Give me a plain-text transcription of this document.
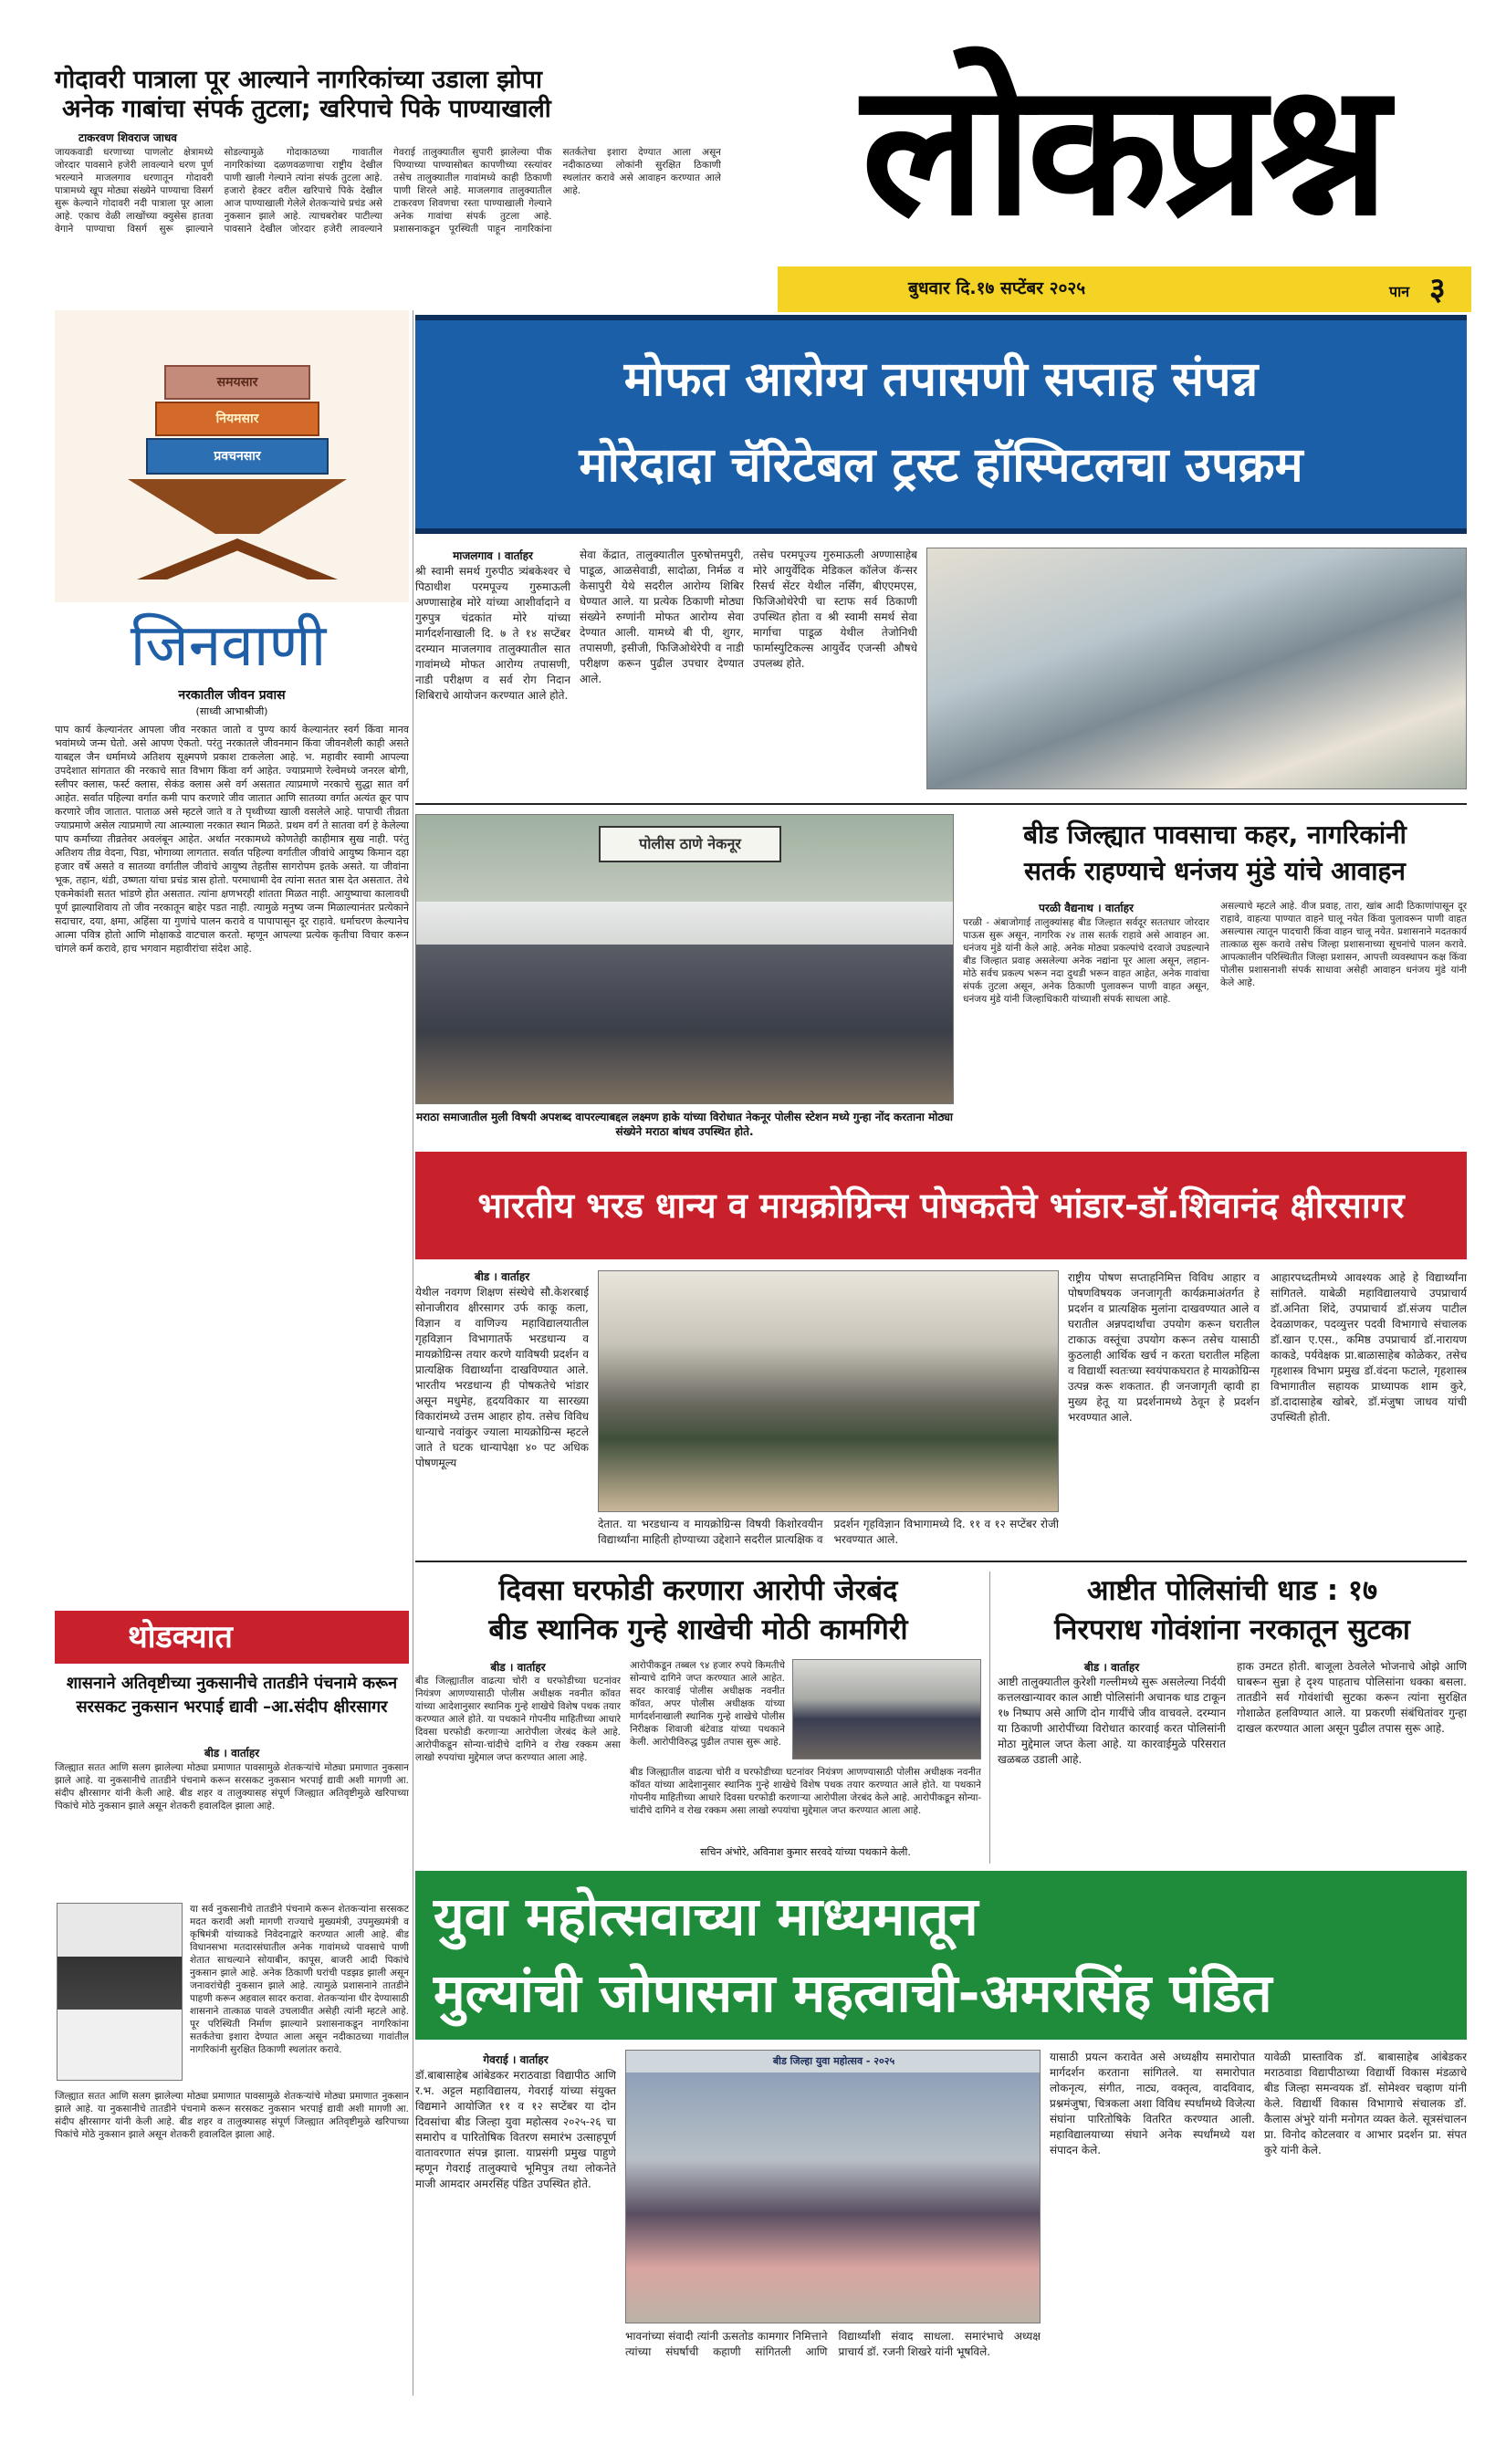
गोदावरी पात्राला पूर आल्याने नागरिकांच्या उडाला झोपा
अनेक गाबांचा संपर्क तुटला; खरिपाचे पिके पाण्याखाली
टाकरवण शिवराज जाधव
जायकवाडी धरणाच्या पाणलोट क्षेत्रामध्ये जोरदार पावसाने हजेरी लावल्याने धरण पूर्ण भरल्याने माजलगाव धरणातून गोदावरी पात्रामध्ये खूप मोठ्या संख्येने पाण्याचा विसर्ग सुरू केल्याने गोदावरी नदी पात्राला पूर आला आहे. एकाच वेळी लाखोंच्या क्युसेस हातवा वेगाने पाण्याचा विसर्ग सुरू झाल्याने सोडल्यामुळे गोदाकाठच्या गावातील नागरिकांच्या दळणवळणाचा राष्ट्रीय देखील पाणी खाली गेल्याने त्यांना संपर्क तुटला आहे. हजारो हेक्टर वरील खरिपाचे पिके देखील आज पाण्याखाली गेलेले शेतकऱ्यांचे प्रचंड असे नुकसान झाले आहे. त्याचबरोबर पाटील्या पावसाने देखील जोरदार हजेरी लावल्याने गेवराई तालुक्यातील सुपारी झालेल्या पीक पिण्याच्या पाण्यासोबत कापणीच्या रस्त्यांवर तसेच तालुक्यातील गावांमध्ये काही ठिकाणी पाणी शिरले आहे. माजलगाव तालुक्यातील टाकरवण शिवणचा रस्ता पाण्याखाली गेल्याने अनेक गावांचा संपर्क तुटला आहे. प्रशासनाकडून पूरस्थिती पाहून नागरिकांना सतर्कतेचा इशारा देण्यात आला असून नदीकाठच्या लोकांनी सुरक्षित ठिकाणी स्थलांतर करावे असे आवाहन करण्यात आले आहे.	लोकप्रश्न
बुधवार दि.१७ सप्टेंबर २०२५	पान ३
समयसार
नियमसार
प्रवचनसार
जिनवाणी
नरकातील जीवन प्रवास
(साध्वी आभाश्रीजी)
पाप कार्य केल्यानंतर आपला जीव नरकात जातो व पुण्य कार्य केल्यानंतर स्वर्ग किंवा मानव भवांमध्ये जन्म घेतो. असे आपण ऐकतो. परंतु नरकातले जीवनमान किंवा जीवनशैली काही असते याबद्दल जैन धर्मामध्ये अतिशय सूक्ष्मपणे प्रकाश टाकलेला आहे. भ. महावीर स्वामी आपल्या उपदेशात सांगतात की नरकाचे सात विभाग किंवा वर्ग आहेत. ज्याप्रमाणे रेल्वेमध्ये जनरल बोगी, स्लीपर क्लास, फर्स्ट क्लास, सेकंड क्लास असे वर्ग असतात त्याप्रमाणे नरकाचे सुद्धा सात वर्ग आहेत. सर्वात पहिल्या वर्गात कमी पाप करणारे जीव जातात आणि सातव्या वर्गात अत्यंत क्रूर पाप करणारे जीव जातात. पाताळ असे म्हटले जाते व ते पृथ्वीच्या खाली वसलेले आहे. पापाची तीव्रता ज्याप्रमाणे असेल त्याप्रमाणे त्या आत्म्याला नरकात स्थान मिळते. प्रथम वर्ग ते सातवा वर्ग हे केलेल्या पाप कर्मांच्या तीव्रतेवर अवलंबून आहेत. अर्थात नरकामध्ये कोणतेही काहीमात्र सुख नाही. परंतु अतिशय तीव्र वेदना, पिडा, भोगाव्या लागतात. सर्वात पहिल्या वर्गातील जीवांचे आयुष्य किमान दहा हजार वर्षे असते व सातव्या वर्गातील जीवांचे आयुष्य तेहतीस सागरोपम इतके असते. या जीवांना भूक, तहान, थंडी, उष्णता यांचा प्रचंड त्रास होतो. परमाधामी देव त्यांना सतत त्रास देत असतात. तेथे एकमेकांशी सतत भांडणे होत असतात. त्यांना क्षणभरही शांतता मिळत नाही. आयुष्याचा कालावधी पूर्ण झाल्याशिवाय तो जीव नरकातून बाहेर पडत नाही. त्यामुळे मनुष्य जन्म मिळाल्यानंतर प्रत्येकाने सदाचार, दया, क्षमा, अहिंसा या गुणांचे पालन करावे व पापापासून दूर राहावे. धर्माचरण केल्यानेच आत्मा पवित्र होतो आणि मोक्षाकडे वाटचाल करतो. म्हणून आपल्या प्रत्येक कृतीचा विचार करून चांगले कर्म करावे, हाच भगवान महावीरांचा संदेश आहे.
थोडक्यात
शासनाने अतिवृष्टीच्या नुकसानीचे तातडीने पंचनामे करून सरसकट नुकसान भरपाई द्यावी –आ.संदीप क्षीरसागर
बीड । वार्ताहर
जिल्ह्यात सतत आणि सलग झालेल्या मोठ्या प्रमाणात पावसामुळे शेतकऱ्यांचे मोठ्या प्रमाणात नुकसान झाले आहे. या नुकसानीचे तातडीने पंचनामे करून सरसकट नुकसान भरपाई द्यावी अशी मागणी आ. संदीप क्षीरसागर यांनी केली आहे. बीड शहर व तालुक्यासह संपूर्ण जिल्ह्यात अतिवृष्टीमुळे खरिपाच्या पिकांचे मोठे नुकसान झाले असून शेतकरी हवालदिल झाला आहे.
या सर्व नुकसानीचे तातडीने पंचनामे करून शेतकऱ्यांना सरसकट मदत करावी अशी मागणी राज्याचे मुख्यमंत्री, उपमुख्यमंत्री व कृषिमंत्री यांच्याकडे निवेदनाद्वारे करण्यात आली आहे. बीड विधानसभा मतदारसंघातील अनेक गावांमध्ये पावसाचे पाणी शेतात साचल्याने सोयाबीन, कापूस, बाजरी आदी पिकांचे नुकसान झाले आहे. अनेक ठिकाणी घरांची पडझड झाली असून जनावरांचेही नुकसान झाले आहे. त्यामुळे प्रशासनाने तातडीने पाहणी करून अहवाल सादर करावा. शेतकऱ्यांना धीर देण्यासाठी शासनाने तात्काळ पावले उचलावीत असेही त्यांनी म्हटले आहे. पूर परिस्थिती निर्माण झाल्याने प्रशासनाकडून नागरिकांना सतर्कतेचा इशारा देण्यात आला असून नदीकाठच्या गावांतील नागरिकांनी सुरक्षित ठिकाणी स्थलांतर करावे.
जिल्ह्यात सतत आणि सलग झालेल्या मोठ्या प्रमाणात पावसामुळे शेतकऱ्यांचे मोठ्या प्रमाणात नुकसान झाले आहे. या नुकसानीचे तातडीने पंचनामे करून सरसकट नुकसान भरपाई द्यावी अशी मागणी आ. संदीप क्षीरसागर यांनी केली आहे. बीड शहर व तालुक्यासह संपूर्ण जिल्ह्यात अतिवृष्टीमुळे खरिपाच्या पिकांचे मोठे नुकसान झाले असून शेतकरी हवालदिल झाला आहे.
मोफत आरोग्य तपासणी सप्ताह संपन्न
मोरेदादा चॅरिटेबल ट्रस्ट हॉस्पिटलचा उपक्रम
माजलगाव । वार्ताहर
श्री स्वामी समर्थ गुरुपीठ त्र्यंबकेश्वर चे पिठाधीश परमपूज्य गुरुमाऊली अण्णासाहेब मोरे यांच्या आशीर्वादाने व गुरुपुत्र चंद्रकांत मोरे यांच्या मार्गदर्शनाखाली दि. ७ ते १४ सप्टेंबर दरम्यान माजलगाव तालुक्यातील सात गावांमध्ये मोफत आरोग्य तपासणी, नाडी परीक्षण व सर्व रोग निदान शिबिराचे आयोजन करण्यात आले होते.
सेवा केंद्रात, तालुक्यातील पुरुषोत्तमपुरी, पाडूळ, आळसेवाडी, सादोळा, निर्मळ व केसापुरी येथे सदरील आरोग्य शिबिर घेण्यात आले. या प्रत्येक ठिकाणी मोठ्या संख्येने रुग्णांनी मोफत आरोग्य सेवा देण्यात आली. यामध्ये बी पी, शुगर, तपासणी, इसीजी, फिजिओथेरेपी व नाडी परीक्षण करून पुढील उपचार देण्यात आले.
तसेच परमपूज्य गुरुमाऊली अण्णासाहेब मोरे आयुर्वेदिक मेडिकल कॉलेज कॅन्सर रिसर्च सेंटर येथील नर्सिंग, बीएएमएस, फिजिओथेरेपी चा स्टाफ सर्व ठिकाणी उपस्थित होता व श्री स्वामी समर्थ सेवा मार्गाचा पाडूळ येथील तेजोनिधी फार्मास्युटिकल्स आयुर्वेद एजन्सी औषधे उपलब्ध होते.
पोलीस ठाणे नेकनूर
मराठा समाजातील मुली विषयी अपशब्द वापरल्याबद्दल लक्ष्मण हाके यांच्या विरोधात नेकनूर पोलीस स्टेशन मध्ये गुन्हा नोंद करताना मोठ्या संख्येने मराठा बांधव उपस्थित होते.
बीड जिल्ह्यात पावसाचा कहर, नागरिकांनी
सतर्क राहण्याचे धनंजय मुंडे यांचे आवाहन
परळी वैद्यनाथ । वार्ताहर
परळी - अंबाजोगाई तालुक्यांसह बीड जिल्हात सर्वदूर सततधार जोरदार पाऊस सुरू असून, नागरिक २४ तास सतर्क राहावे असे आवाहन आ. धनंजय मुंडे यांनी केले आहे. अनेक मोठ्या प्रकल्पांचे दरवाजे उघडल्याने बीड जिल्हात प्रवाह असलेल्या अनेक नद्यांना पूर आला असून, लहान-मोठे सर्वच प्रकल्प भरून नदा दुथडी भरून वाहत आहेत, अनेक गावांचा संपर्क तुटला असून, अनेक ठिकाणी पुलावरून पाणी वाहत असून, धनंजय मुंडे यांनी जिल्हाधिकारी यांच्याशी संपर्क साधला आहे.
असल्याचे म्हटले आहे. वीज प्रवाह, तारा, खांब आदी ठिकाणांपासून दूर राहावे, वाहत्या पाण्यात वाहने घालू नयेत किंवा पुलावरून पाणी वाहत असल्यास त्यातून पादचारी किंवा वाहन चालू नयेत. प्रशासनाने मदतकार्य तात्काळ सुरू करावे तसेच जिल्हा प्रशासनाच्या सूचनांचे पालन करावे. आपत्कालीन परिस्थितीत जिल्हा प्रशासन, आपत्ती व्यवस्थापन कक्ष किंवा पोलीस प्रशासनाशी संपर्क साधावा असेही आवाहन धनंजय मुंडे यांनी केले आहे.
भारतीय भरड धान्य व मायक्रोग्रिन्स पोषकतेचे भांडार-डॉ.शिवानंद क्षीरसागर
बीड । वार्ताहर
येथील नवगण शिक्षण संस्थेचे सौ.केशरबाई सोनाजीराव क्षीरसागर उर्फ काकू कला, विज्ञान व वाणिज्य महाविद्यालयातील गृहविज्ञान विभागातर्फे भरडधान्य व मायक्रोग्रिन्स तयार करणे याविषयी प्रदर्शन व प्रात्यक्षिक विद्यार्थ्यांना दाखविण्यात आले. भारतीय भरडधान्य ही पोषकतेचे भांडार असून मधुमेह, हृदयविकार या सारख्या विकारांमध्ये उत्तम आहार होय. तसेच विविध धान्याचे नवांकुर ज्याला मायक्रोग्रिन्स म्हटले जाते ते घटक धान्यापेक्षा ४० पट अधिक पोषणमूल्य
देतात. या भरडधान्य व मायक्रोग्रिन्स विषयी किशोरवयीन विद्यार्थ्यांना माहिती होण्याच्या उद्देशाने सदरील प्रात्यक्षिक व प्रदर्शन गृहविज्ञान विभागामध्ये दि. ११ व १२ सप्टेंबर रोजी भरवण्यात आले.
राष्ट्रीय पोषण सप्ताहनिमित्त विविध आहार व पोषणविषयक जनजागृती कार्यक्रमाअंतर्गत हे प्रदर्शन व प्रात्यक्षिक मुलांना दाखवण्यात आले व घरातील अन्नपदार्थांचा उपयोग करून घरातील टाकाऊ वस्तूंचा उपयोग करून तसेच यासाठी कुठलाही आर्थिक खर्च न करता घरातील महिला व विद्यार्थी स्वतःच्या स्वयंपाकघरात हे मायक्रोग्रिन्स उत्पन्न करू शकतात. ही जनजागृती व्हावी हा मुख्य हेतू या प्रदर्शनामध्ये ठेवून हे प्रदर्शन भरवण्यात आले.
आहारपध्दतीमध्ये आवश्यक आहे हे विद्यार्थ्यांना सांगितले. याबेळी महाविद्यालयाचे उपप्राचार्य डॉ.अनिता शिंदे, उपप्राचार्य डॉ.संजय पाटील देवळाणकर, पदव्युत्तर पदवी विभागाचे संचालक डॉ.खान ए.एस., कमिष्ठ उपप्राचार्य डॉ.नारायण काकडे, पर्यवेक्षक प्रा.बाळासाहेब कोळेकर, तसेच गृहशास्त्र विभाग प्रमुख डॉ.वंदना फटाले, गृहशास्त्र विभागातील सहायक प्राध्यापक शाम कुरे, डॉ.दादासाहेब खोबरे, डॉ.मंजुषा जाधव यांची उपस्थिती होती.
दिवसा घरफोडी करणारा आरोपी जेरबंद
बीड स्थानिक गुन्हे शाखेची मोठी कामगिरी
बीड । वार्ताहर
बीड जिल्ह्यातील वाढत्या चोरी व घरफोडीच्या घटनांवर नियंत्रण आणण्यासाठी पोलीस अधीक्षक नवनीत कॉवत यांच्या आदेशानुसार स्थानिक गुन्हे शाखेचे विशेष पथक तयार करण्यात आले होते. या पथकाने गोपनीय माहितीच्या आधारे दिवसा घरफोडी करणाऱ्या आरोपीला जेरबंद केले आहे. आरोपीकडून सोन्या-चांदीचे दागिने व रोख रक्कम असा लाखो रुपयांचा मुद्देमाल जप्त करण्यात आला आहे.
आरोपीकडून तब्बल ९४ हजार रुपये किमतीचे सोन्याचे दागिने जप्त करण्यात आले आहेत. सदर कारवाई पोलीस अधीक्षक नवनीत कॉवत, अपर पोलीस अधीक्षक यांच्या मार्गदर्शनाखाली स्थानिक गुन्हे शाखेचे पोलीस निरीक्षक शिवाजी बंटेवाड यांच्या पथकाने केली. आरोपीविरुद्ध पुढील तपास सुरू आहे.
बीड जिल्ह्यातील वाढत्या चोरी व घरफोडीच्या घटनांवर नियंत्रण आणण्यासाठी पोलीस अधीक्षक नवनीत कॉवत यांच्या आदेशानुसार स्थानिक गुन्हे शाखेचे विशेष पथक तयार करण्यात आले होते. या पथकाने गोपनीय माहितीच्या आधारे दिवसा घरफोडी करणाऱ्या आरोपीला जेरबंद केले आहे. आरोपीकडून सोन्या-चांदीचे दागिने व रोख रक्कम असा लाखो रुपयांचा मुद्देमाल जप्त करण्यात आला आहे.
सचिन अंभोरे, अविनाश कुमार सरवदे यांच्या पथकाने केली.
आष्टीत पोलिसांची धाड : १७
निरपराध गोवंशांना नरकातून सुटका
बीड । वार्ताहर
आष्टी तालुक्यातील कुरेशी गल्लीमध्ये सुरू असलेल्या निर्दयी कत्तलखान्यावर काल आष्टी पोलिसांनी अचानक धाड टाकून १७ निष्पाप असे आणि दोन गायींचे जीव वाचवले. दरम्यान या ठिकाणी आरोपींच्या विरोधात कारवाई करत पोलिसांनी मोठा मुद्देमाल जप्त केला आहे. या कारवाईमुळे परिसरात खळबळ उडाली आहे.
हाक उमटत होती. बाजूला ठेवलेले भोजनाचे ओझे आणि घाबरून सुन्ना हे दृश्य पाहताच पोलिसांना धक्का बसला. तातडीने सर्व गोवंशांची सुटका करून त्यांना सुरक्षित गोशाळेत हलविण्यात आले. या प्रकरणी संबंधितांवर गुन्हा दाखल करण्यात आला असून पुढील तपास सुरू आहे.
युवा महोत्सवाच्या माध्यमातून
मुल्यांची जोपासना महत्वाची-अमरसिंह पंडित
गेवराई । वार्ताहर
डॉ.बाबासाहेब आंबेडकर मराठवाडा विद्यापीठ आणि र.भ. अट्टल महाविद्यालय, गेवराई यांच्या संयुक्त विद्यमाने आयोजित ११ व १२ सप्टेंबर या दोन दिवसांचा बीड जिल्हा युवा महोत्सव २०२५-२६ चा समारोप व पारितोषिक वितरण समारंभ उत्साहपूर्ण वातावरणात संपन्न झाला. याप्रसंगी प्रमुख पाहुणे म्हणून गेवराई तालुक्याचे भूमिपुत्र तथा लोकनेते माजी आमदार अमरसिंह पंडित उपस्थित होते.
बीड जिल्हा युवा महोत्सव - २०२५
भावनांच्या संवादी त्यांनी ऊसतोड कामगार निमित्ताने त्यांच्या संघर्षाची कहाणी सांगितली आणि विद्यार्थ्यांशी संवाद साधला. समारंभाचे अध्यक्ष प्राचार्य डॉ. रजनी शिखरे यांनी भूषविले.
यासाठी प्रयत्न करावेत असे अध्यक्षीय समारोपात मार्गदर्शन करताना सांगितले. या समारोपात लोकनृत्य, संगीत, नाट्य, वक्तृत्व, वादविवाद, प्रश्नमंजुषा, चित्रकला अशा विविध स्पर्धांमध्ये विजेत्या संघांना पारितोषिके वितरित करण्यात आली. महाविद्यालयाच्या संघाने अनेक स्पर्धांमध्ये यश संपादन केले.
यावेळी प्रास्ताविक डॉ. बाबासाहेब आंबेडकर मराठवाडा विद्यापीठाच्या विद्यार्थी विकास मंडळाचे बीड जिल्हा समन्वयक डॉ. सोमेश्वर चव्हाण यांनी केले. विद्यार्थी विकास विभागाचे संचालक डॉ. कैलास अंभुरे यांनी मनोगत व्यक्त केले. सूत्रसंचालन प्रा. विनोद कोटलवार व आभार प्रदर्शन प्रा. संपत कुरे यांनी केले.
